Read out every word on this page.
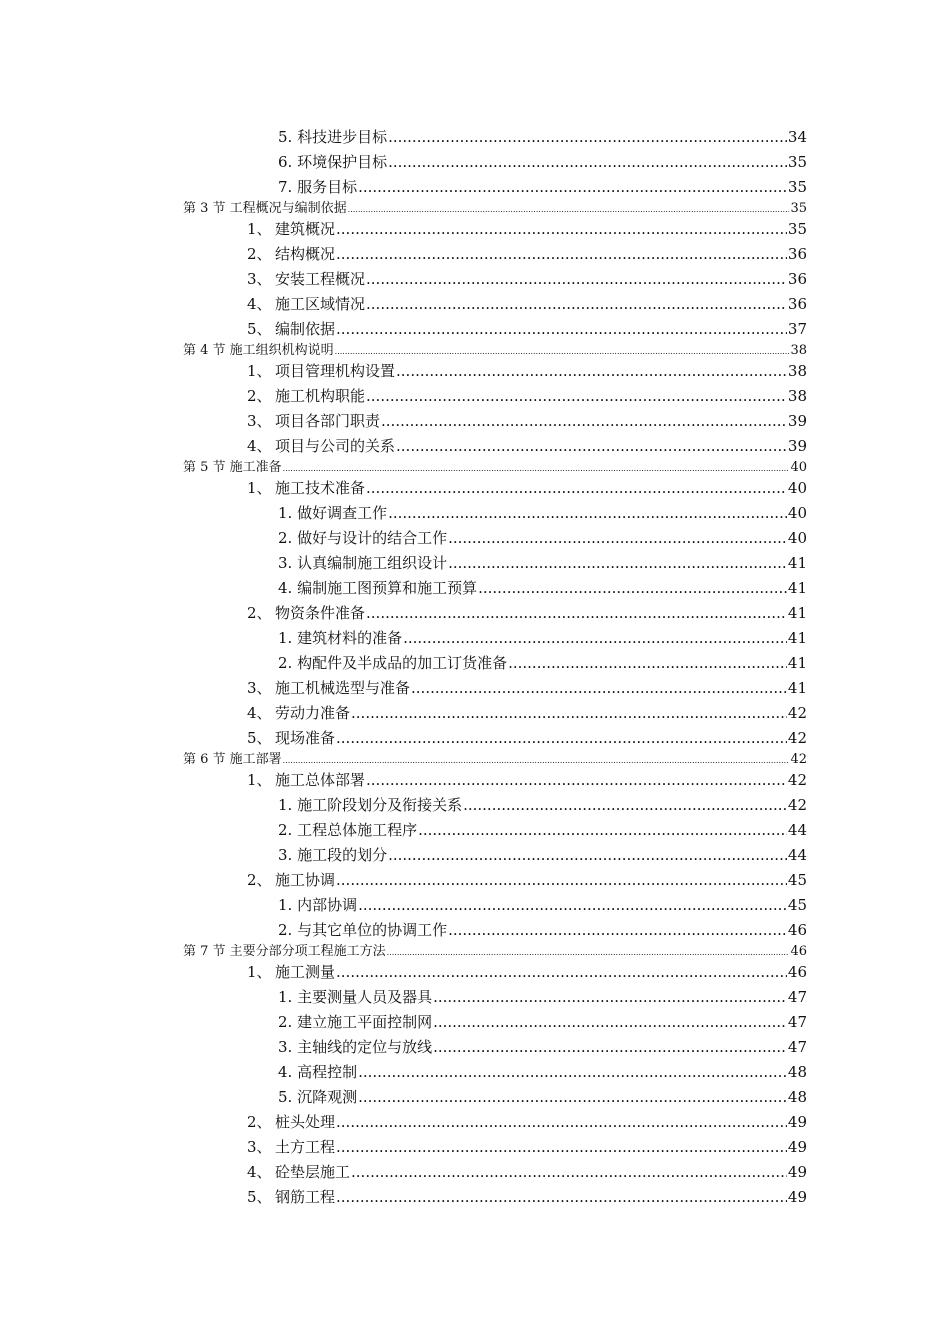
5. 科技进步目标 .....	34
6. 环境保护目标 .....	35
7. 服务目标 .....	35
第 3 节 工程概况与编制依据 .....	35
1、 建筑概况 .....	35
2、 结构概况 .....	36
3、 安装工程概况 .....	36
4、 施工区域情况 .....	36
5、 编制依据 .....	37
第 4 节 施工组织机构说明 .....	38
1、 项目管理机构设置 .....	38
2、 施工机构职能 .....	38
3、 项目各部门职责 .....	39
4、 项目与公司的关系 .....	39
第 5 节 施工准备 .....	40
1、 施工技术准备 .....	40
1. 做好调查工作 .....	40
2. 做好与设计的结合工作 .....	40
3. 认真编制施工组织设计 .....	41
4. 编制施工图预算和施工预算 .....	41
2、 物资条件准备 .....	41
1. 建筑材料的准备 .....	41
2. 构配件及半成品的加工订货准备 .....	41
3、 施工机械选型与准备 .....	41
4、 劳动力准备 .....	42
5、 现场准备 .....	42
第 6 节 施工部署 .....	42
1、 施工总体部署 .....	42
1. 施工阶段划分及衔接关系 .....	42
2. 工程总体施工程序 .....	44
3. 施工段的划分 .....	44
2、 施工协调 .....	45
1. 内部协调 .....	45
2. 与其它单位的协调工作 .....	46
第 7 节 主要分部分项工程施工方法 .....	46
1、 施工测量 .....	46
1. 主要测量人员及器具 .....	47
2. 建立施工平面控制网 .....	47
3. 主轴线的定位与放线 .....	47
4. 高程控制 .....	48
5. 沉降观测 .....	48
2、 桩头处理 .....	49
3、 土方工程 .....	49
4、 砼垫层施工 .....	49
5、 钢筋工程 .....	49
